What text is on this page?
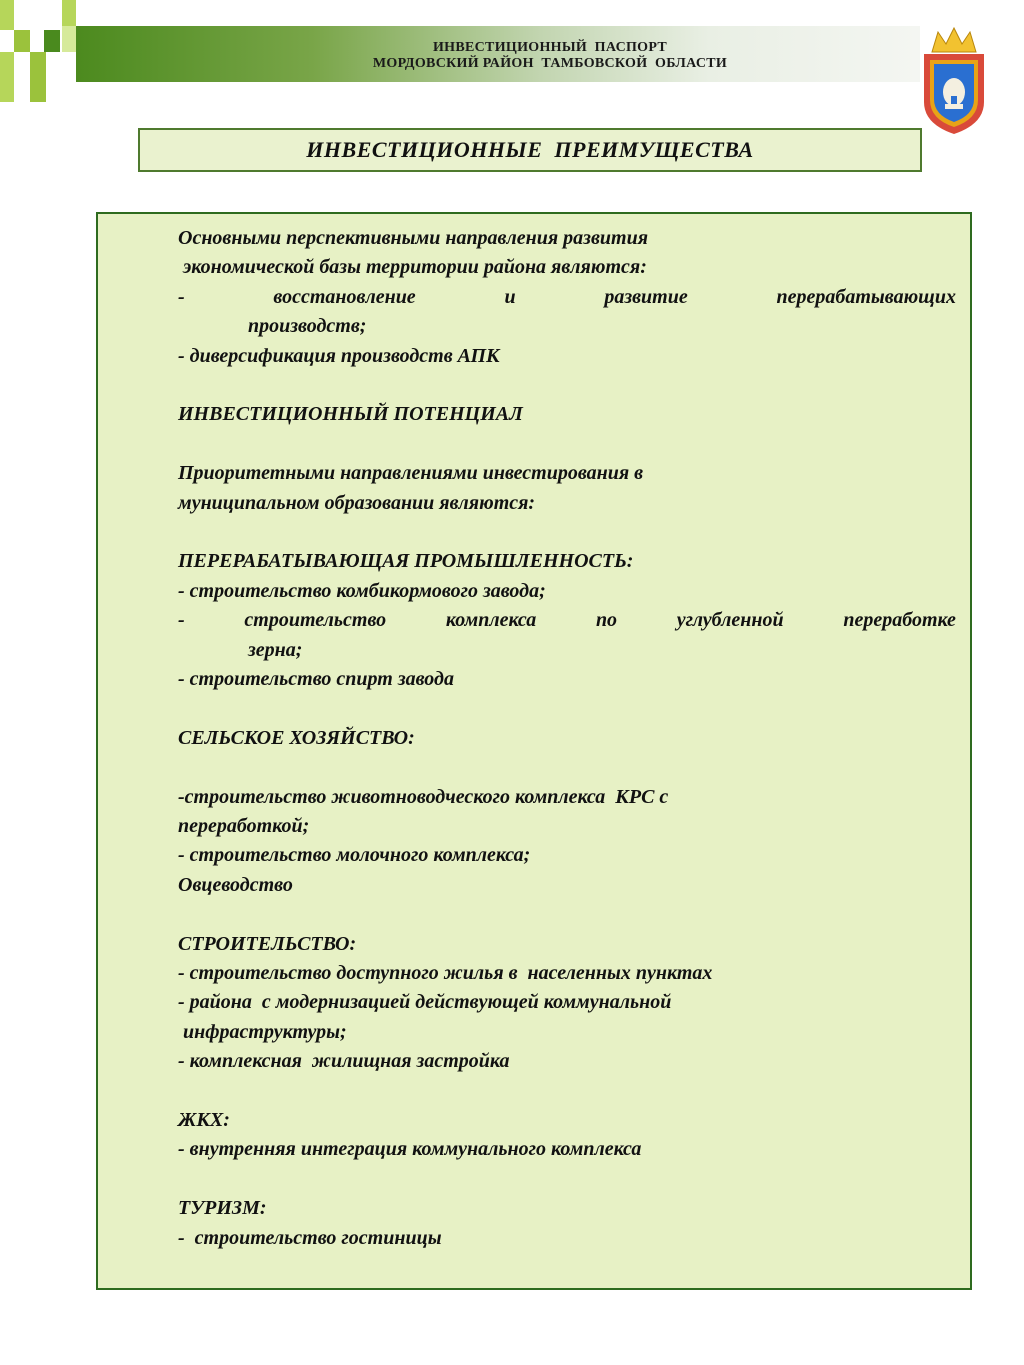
ИНВЕСТИЦИОННЫЙ  ПАСПОРТ
МОРДОВСКИЙ РАЙОН  ТАМБОВСКОЙ  ОБЛАСТИ
ИНВЕСТИЦИОННЫЕ  ПРЕИМУЩЕСТВА
Основными перспективными направления развития
экономической базы территории района являются:
-	восстановление	и	развитие	перерабатывающих
производств;
- диверсификация производств АПК
ИНВЕСТИЦИОННЫЙ ПОТЕНЦИАЛ
Приоритетными направлениями инвестирования в
муниципальном образовании являются:
ПЕРЕРАБАТЫВАЮЩАЯ ПРОМЫШЛЕННОСТЬ:
- строительство комбикормового завода;
-	строительство	комплекса	по	углубленной	переработке
зерна;
- строительство спирт завода
СЕЛЬСКОЕ ХОЗЯЙСТВО:
-строительство животноводческого комплекса  КРС с
переработкой;
- строительство молочного комплекса;
Овцеводство
СТРОИТЕЛЬСТВО:
- строительство доступного жилья в  населенных пунктах
- района  с модернизацией действующей коммунальной
инфраструктуры;
- комплексная  жилищная застройка
ЖКХ:
- внутренняя интеграция коммунального комплекса
ТУРИЗМ:
-  строительство гостиницы
